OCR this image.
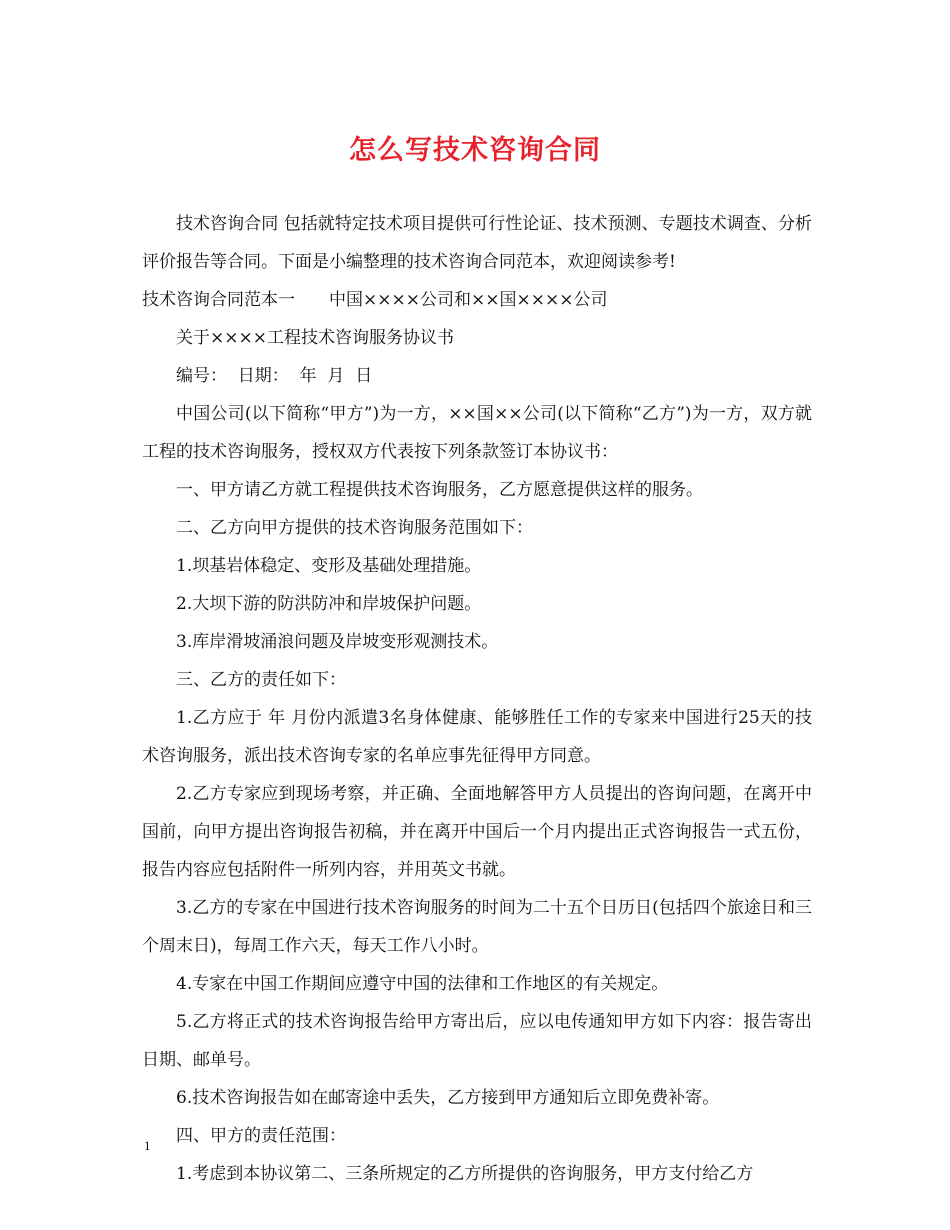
怎么写技术咨询合同

技术咨询合同 包括就特定技术项目提供可行性论证、技术预测、专题技术调查、分析评价报告等合同。下面是小编整理的技术咨询合同范本，欢迎阅读参考!

技术咨询合同范本一　　中国××××公司和××国××××公司

关于××××工程技术咨询服务协议书

编号：  日期：  年  月  日

中国公司(以下简称“甲方”)为一方，××国××公司(以下简称“乙方”)为一方，双方就工程的技术咨询服务，授权双方代表按下列条款签订本协议书：

一、甲方请乙方就工程提供技术咨询服务，乙方愿意提供这样的服务。

二、乙方向甲方提供的技术咨询服务范围如下：

1.坝基岩体稳定、变形及基础处理措施。

2.大坝下游的防洪防冲和岸坡保护问题。

3.库岸滑坡涌浪问题及岸坡变形观测技术。

三、乙方的责任如下：

1.乙方应于 年 月份内派遣3名身体健康、能够胜任工作的专家来中国进行25天的技术咨询服务，派出技术咨询专家的名单应事先征得甲方同意。

2.乙方专家应到现场考察，并正确、全面地解答甲方人员提出的咨询问题，在离开中国前，向甲方提出咨询报告初稿，并在离开中国后一个月内提出正式咨询报告一式五份，报告内容应包括附件一所列内容，并用英文书就。

3.乙方的专家在中国进行技术咨询服务的时间为二十五个日历日(包括四个旅途日和三个周末日)，每周工作六天，每天工作八小时。

4.专家在中国工作期间应遵守中国的法律和工作地区的有关规定。

5.乙方将正式的技术咨询报告给甲方寄出后，应以电传通知甲方如下内容：报告寄出日期、邮单号。

6.技术咨询报告如在邮寄途中丢失，乙方接到甲方通知后立即免费补寄。

四、甲方的责任范围：

1.考虑到本协议第二、三条所规定的乙方所提供的咨询服务，甲方支付给乙方

1
